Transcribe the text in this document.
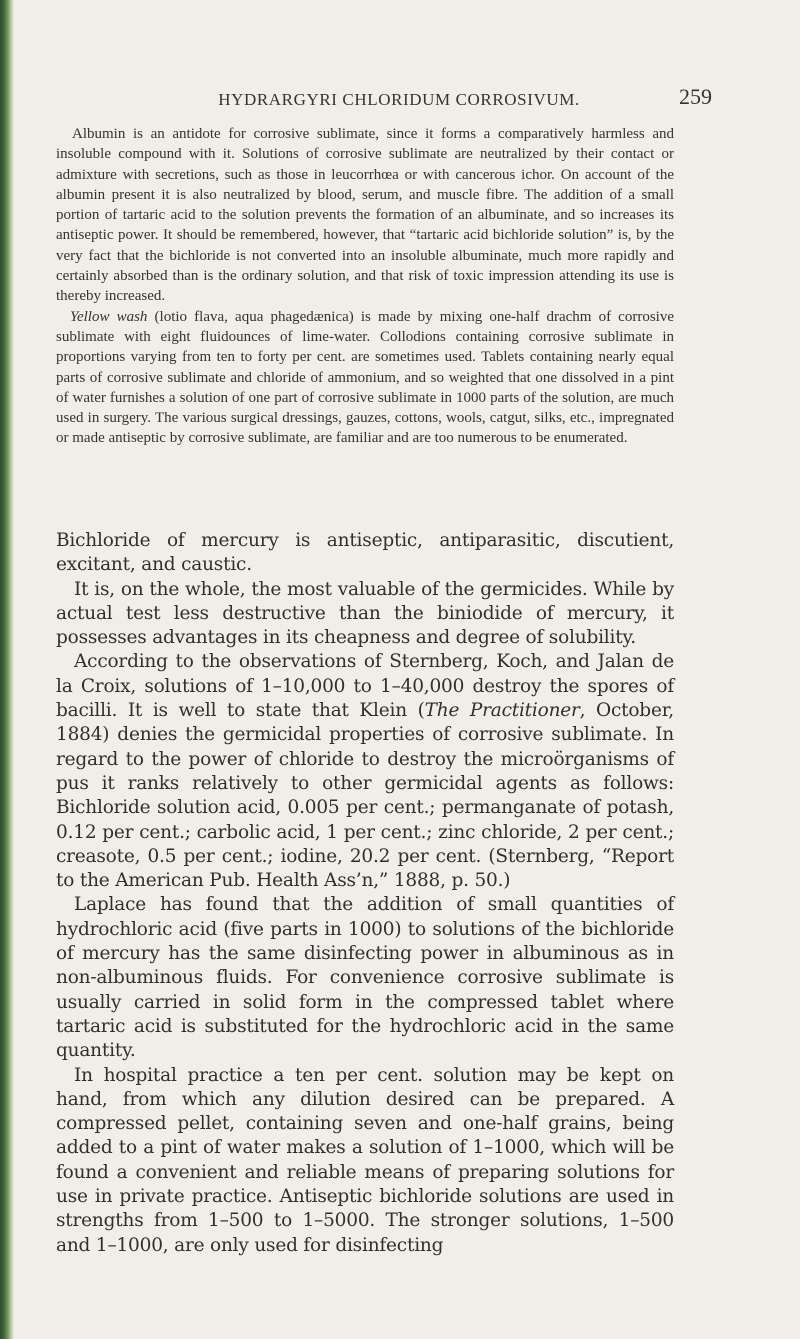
HYDRARGYRI CHLORIDUM CORROSIVUM.	259

Albumin is an antidote for corrosive sublimate, since it forms a comparatively harmless and insoluble compound with it. Solutions of corrosive sublimate are neutralized by their contact or admixture with secretions, such as those in leucorrhœa or with cancerous ichor. On account of the albumin present it is also neutralized by blood, serum, and muscle fibre. The addition of a small portion of tartaric acid to the solution prevents the formation of an albuminate, and so increases its antiseptic power. It should be remembered, however, that “tartaric acid bichloride solution” is, by the very fact that the bichloride is not converted into an insoluble albuminate, much more rapidly and certainly absorbed than is the ordinary solution, and that risk of toxic impression attending its use is thereby increased.

Yellow wash (lotio flava, aqua phagedænica) is made by mixing one-half drachm of corrosive sublimate with eight fluidounces of lime-water. Collodions containing corrosive sublimate in proportions varying from ten to forty per cent. are sometimes used. Tablets containing nearly equal parts of corrosive sublimate and chloride of ammonium, and so weighted that one dissolved in a pint of water furnishes a solution of one part of corrosive sublimate in 1000 parts of the solution, are much used in surgery. The various surgical dressings, gauzes, cottons, wools, catgut, silks, etc., impregnated or made antiseptic by corrosive sublimate, are familiar and are too numerous to be enumerated.

Bichloride of mercury is antiseptic, antiparasitic, discutient, excitant, and caustic.

It is, on the whole, the most valuable of the germicides. While by actual test less destructive than the biniodide of mercury, it possesses advantages in its cheapness and degree of solubility.

According to the observations of Sternberg, Koch, and Jalan de la Croix, solutions of 1–10,000 to 1–40,000 destroy the spores of bacilli. It is well to state that Klein (The Practitioner, October, 1884) denies the germicidal properties of corrosive sublimate. In regard to the power of chloride to destroy the microörganisms of pus it ranks relatively to other germicidal agents as follows: Bichloride solution acid, 0.005 per cent.; permanganate of potash, 0.12 per cent.; carbolic acid, 1 per cent.; zinc chloride, 2 per cent.; creasote, 0.5 per cent.; iodine, 20.2 per cent. (Sternberg, “Report to the American Pub. Health Ass’n,” 1888, p. 50.)

Laplace has found that the addition of small quantities of hydrochloric acid (five parts in 1000) to solutions of the bichloride of mercury has the same disinfecting power in albuminous as in non-albuminous fluids. For convenience corrosive sublimate is usually carried in solid form in the compressed tablet where tartaric acid is substituted for the hydrochloric acid in the same quantity.

In hospital practice a ten per cent. solution may be kept on hand, from which any dilution desired can be prepared. A compressed pellet, containing seven and one-half grains, being added to a pint of water makes a solution of 1–1000, which will be found a convenient and reliable means of preparing solutions for use in private practice. Antiseptic bichloride solutions are used in strengths from 1–500 to 1–5000. The stronger solutions, 1–500 and 1–1000, are only used for disinfecting
